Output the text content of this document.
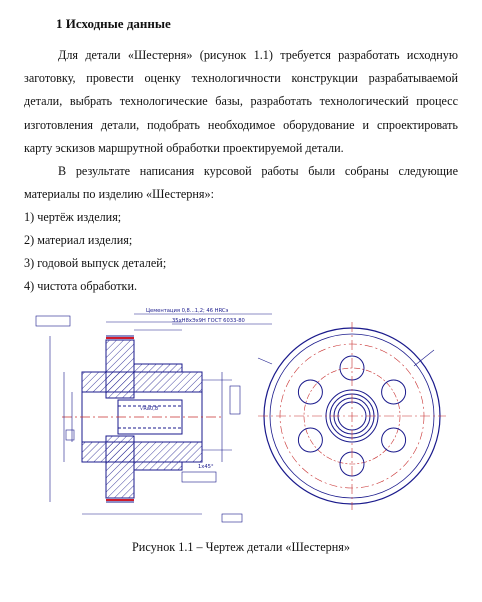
1 Исходные данные

Для детали «Шестерня» (рисунок 1.1) требуется разработать исходную заготовку, провести оценку технологичности конструкции разрабатываемой детали, выбрать технологические базы, разработать технологический процесс изготовления детали, подобрать необходимое оборудование и спроектировать карту эскизов маршрутной обработки проектируемой детали.

В результате написания курсовой работы были собраны следующие материалы по изделию «Шестерня»:

1) чертёж изделия;
2) материал изделия;
3) годовой выпуск деталей;
4) чистота обработки.
Цементация 0,8...1,2; 46 HRCэ
35xН8xЭх9Н ГОСТ 6033-80
√Ra0,8
1x45°
Рисунок 1.1 – Чертеж детали «Шестерня»
